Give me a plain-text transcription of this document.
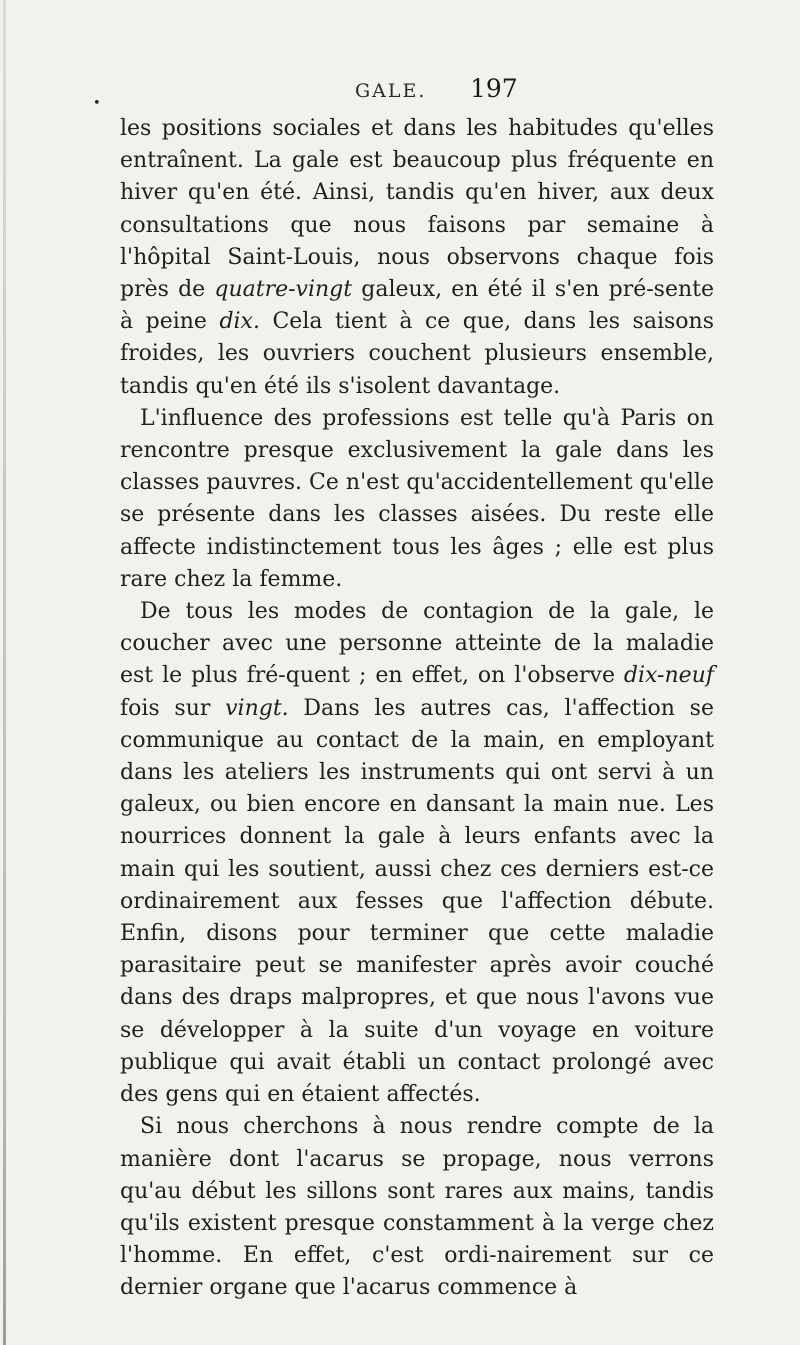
•
GALE. 197

les positions sociales et dans les habitudes qu'elles entraînent. La gale est beaucoup plus fréquente en hiver qu'en été. Ainsi, tandis qu'en hiver, aux deux consultations que nous faisons par semaine à l'hôpital Saint-Louis, nous observons chaque fois près de quatre-vingt galeux, en été il s'en pré-sente à peine dix. Cela tient à ce que, dans les saisons froides, les ouvriers couchent plusieurs ensemble, tandis qu'en été ils s'isolent davantage.

L'influence des professions est telle qu'à Paris on rencontre presque exclusivement la gale dans les classes pauvres. Ce n'est qu'accidentellement qu'elle se présente dans les classes aisées. Du reste elle affecte indistinctement tous les âges ; elle est plus rare chez la femme.

De tous les modes de contagion de la gale, le coucher avec une personne atteinte de la maladie est le plus fré-quent ; en effet, on l'observe dix-neuf fois sur vingt. Dans les autres cas, l'affection se communique au contact de la main, en employant dans les ateliers les instruments qui ont servi à un galeux, ou bien encore en dansant la main nue. Les nourrices donnent la gale à leurs enfants avec la main qui les soutient, aussi chez ces derniers est-ce ordinairement aux fesses que l'affection débute. Enfin, disons pour terminer que cette maladie parasitaire peut se manifester après avoir couché dans des draps malpropres, et que nous l'avons vue se développer à la suite d'un voyage en voiture publique qui avait établi un contact prolongé avec des gens qui en étaient affectés.

Si nous cherchons à nous rendre compte de la manière dont l'acarus se propage, nous verrons qu'au début les sillons sont rares aux mains, tandis qu'ils existent presque constamment à la verge chez l'homme. En effet, c'est ordi-nairement sur ce dernier organe que l'acarus commence à
